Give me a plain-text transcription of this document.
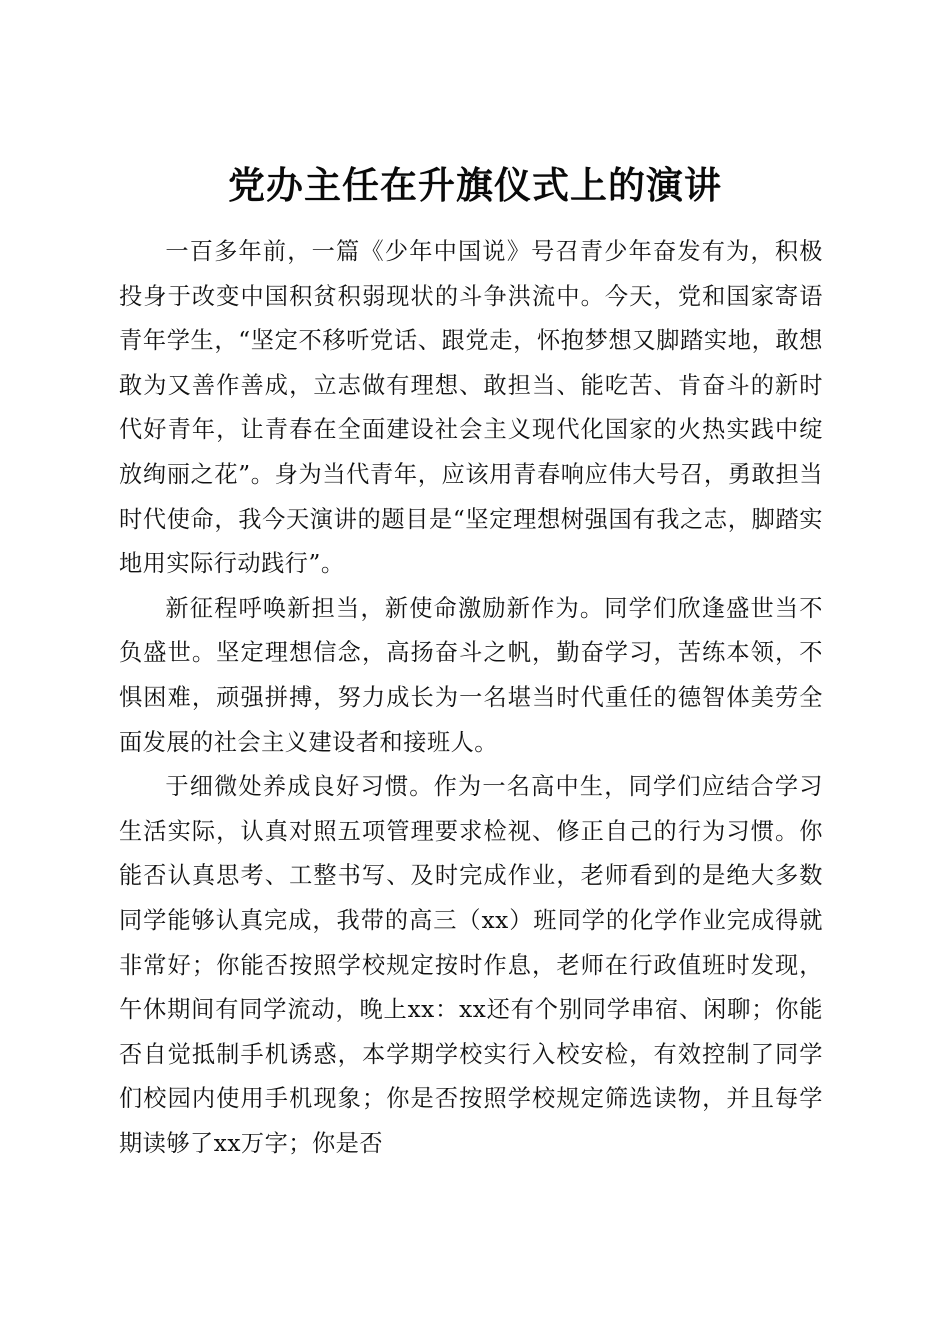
党办主任在升旗仪式上的演讲

一百多年前，一篇《少年中国说》号召青少年奋发有为，积极投身于改变中国积贫积弱现状的斗争洪流中。今天，党和国家寄语青年学生，“坚定不移听党话、跟党走，怀抱梦想又脚踏实地，敢想敢为又善作善成，立志做有理想、敢担当、能吃苦、肯奋斗的新时代好青年，让青春在全面建设社会主义现代化国家的火热实践中绽放绚丽之花”。身为当代青年，应该用青春响应伟大号召，勇敢担当时代使命，我今天演讲的题目是“坚定理想树强国有我之志，脚踏实地用实际行动践行”。

新征程呼唤新担当，新使命激励新作为。同学们欣逢盛世当不负盛世。坚定理想信念，高扬奋斗之帆，勤奋学习，苦练本领，不惧困难，顽强拼搏，努力成长为一名堪当时代重任的德智体美劳全面发展的社会主义建设者和接班人。

于细微处养成良好习惯。作为一名高中生，同学们应结合学习生活实际，认真对照五项管理要求检视、修正自己的行为习惯。你能否认真思考、工整书写、及时完成作业，老师看到的是绝大多数同学能够认真完成，我带的高三（xx）班同学的化学作业完成得就非常好；你能否按照学校规定按时作息，老师在行政值班时发现，午休期间有同学流动，晚上xx：xx还有个别同学串宿、闲聊；你能否自觉抵制手机诱惑，本学期学校实行入校安检，有效控制了同学们校园内使用手机现象；你是否按照学校规定筛选读物，并且每学期读够了xx万字；你是否
